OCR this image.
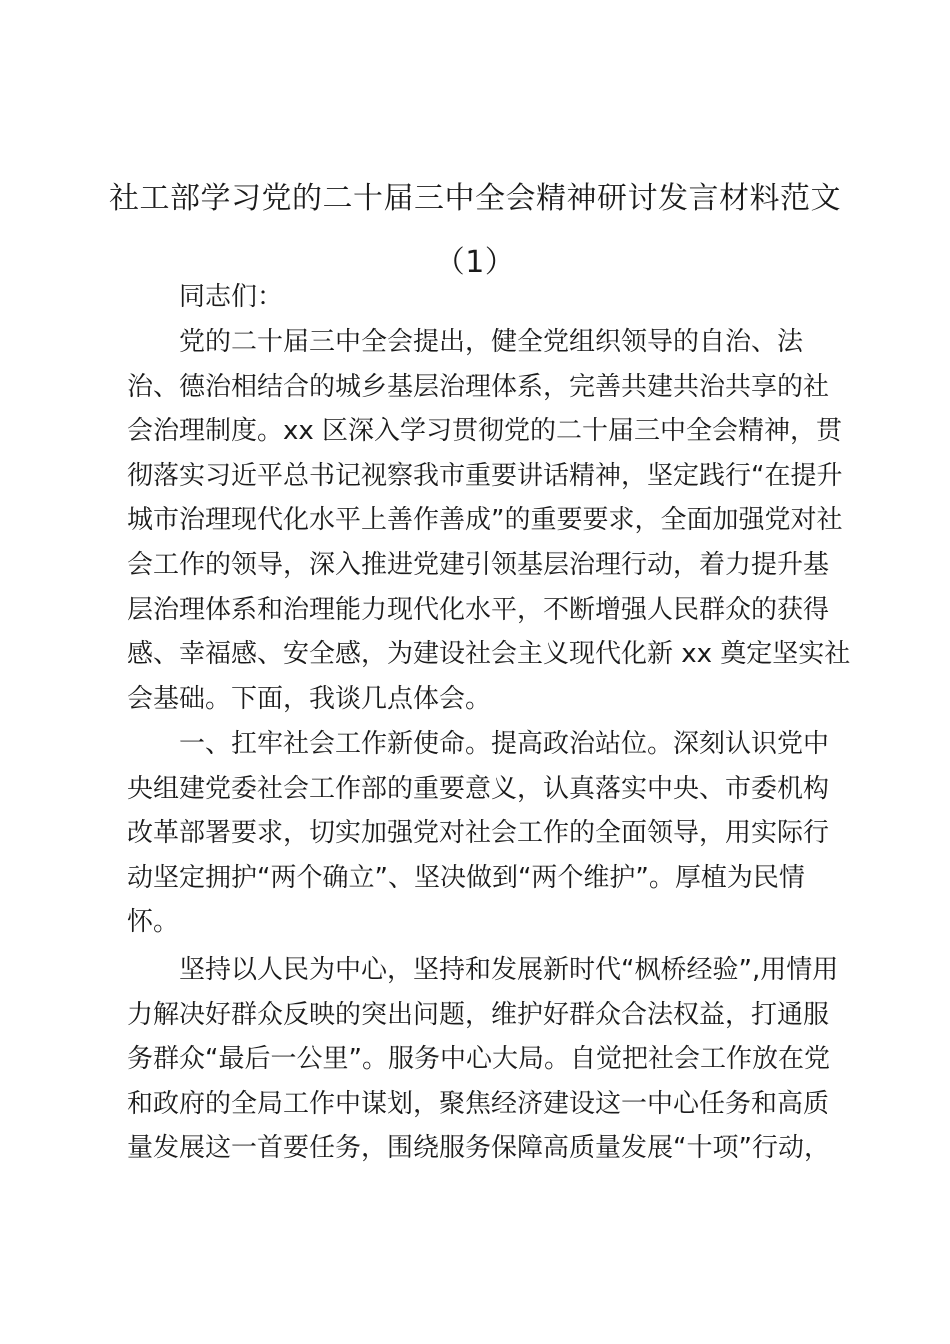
社工部学习党的二十届三中全会精神研讨发言材料范文
（1）
同志们：
党的二十届三中全会提出，健全党组织领导的自治、法
治、德治相结合的城乡基层治理体系，完善共建共治共享的社
会治理制度。xx 区深入学习贯彻党的二十届三中全会精神，贯
彻落实习近平总书记视察我市重要讲话精神，坚定践行“在提升
城市治理现代化水平上善作善成”的重要要求，全面加强党对社
会工作的领导，深入推进党建引领基层治理行动，着力提升基
层治理体系和治理能力现代化水平，不断增强人民群众的获得
感、幸福感、安全感，为建设社会主义现代化新 xx 奠定坚实社
会基础。下面，我谈几点体会。
一、扛牢社会工作新使命。提高政治站位。深刻认识党中
央组建党委社会工作部的重要意义，认真落实中央、市委机构
改革部署要求，切实加强党对社会工作的全面领导，用实际行
动坚定拥护“两个确立”、坚决做到“两个维护”。厚植为民情
怀。
坚持以人民为中心，坚持和发展新时代“枫桥经验”,用情用
力解决好群众反映的突出问题，维护好群众合法权益，打通服
务群众“最后一公里”。服务中心大局。自觉把社会工作放在党
和政府的全局工作中谋划，聚焦经济建设这一中心任务和高质
量发展这一首要任务，围绕服务保障高质量发展“十项”行动，
